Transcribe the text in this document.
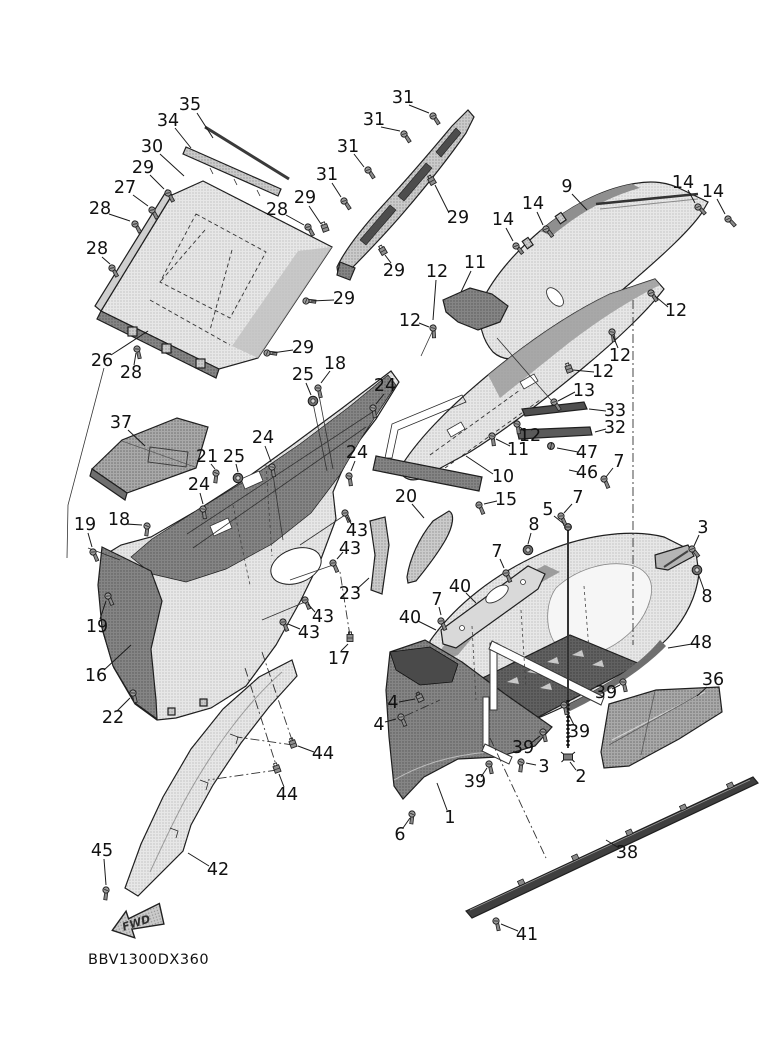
35
34
30
29
27
28
28
26
28
29
28
29
29
31
31
31
31
29
29
9
14
14
14 14
12
12
11
12
12
12
13
33
32
47
46
7
7
5
8	3
8
12
11
10
15
20
24
24
24
24
21 25
25
18
18
19
19
37
16
22
45
42
44
44
17
23
43
43
43
43
40
7
7
40
48
36
4
4
39
39
39
39
3 2
1
6
38
41
FWD
BBV1300DX360
